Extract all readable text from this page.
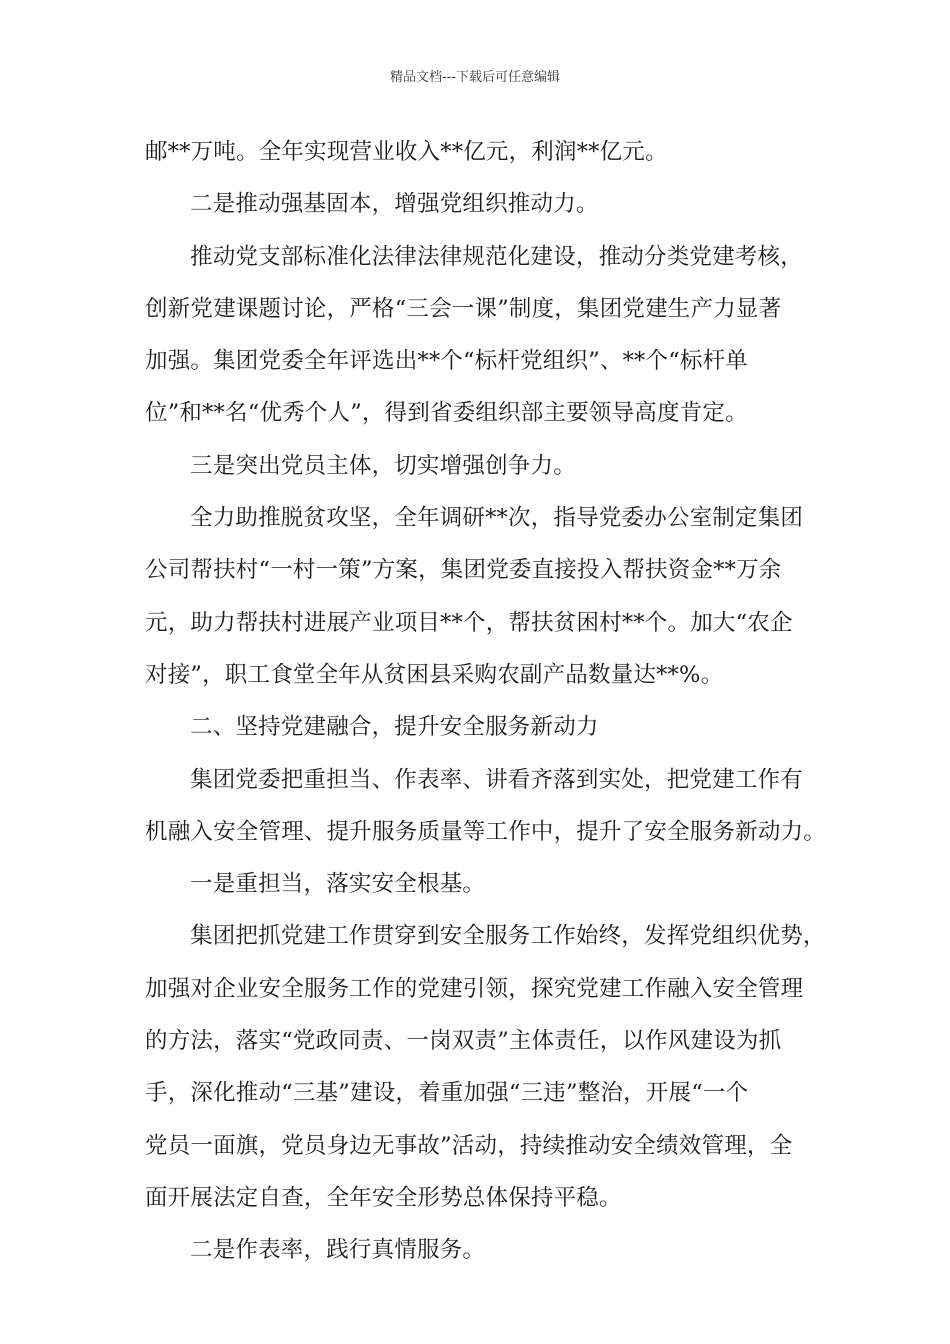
精品文档---下载后可任意编辑
邮**万吨。全年实现营业收入**亿元，利润**亿元。
二是推动强基固本，增强党组织推动力。
推动党支部标准化法律法律规范化建设，推动分类党建考核，
创新党建课题讨论，严格“三会一课”制度，集团党建生产力显著
加强。集团党委全年评选出**个“标杆党组织”、**个“标杆单
位”和**名“优秀个人”，得到省委组织部主要领导高度肯定。
三是突出党员主体，切实增强创争力。
全力助推脱贫攻坚，全年调研**次，指导党委办公室制定集团
公司帮扶村“一村一策”方案，集团党委直接投入帮扶资金**万余
元，助力帮扶村进展产业项目**个，帮扶贫困村**个。加大“农企
对接”，职工食堂全年从贫困县采购农副产品数量达**%。
二、坚持党建融合，提升安全服务新动力
集团党委把重担当、作表率、讲看齐落到实处，把党建工作有
机融入安全管理、提升服务质量等工作中，提升了安全服务新动力。
一是重担当，落实安全根基。
集团把抓党建工作贯穿到安全服务工作始终，发挥党组织优势，
加强对企业安全服务工作的党建引领，探究党建工作融入安全管理
的方法，落实“党政同责、一岗双责”主体责任，以作风建设为抓
手，深化推动“三基”建设，着重加强“三违”整治，开展“一个
党员一面旗，党员身边无事故”活动，持续推动安全绩效管理，全
面开展法定自查，全年安全形势总体保持平稳。
二是作表率，践行真情服务。
